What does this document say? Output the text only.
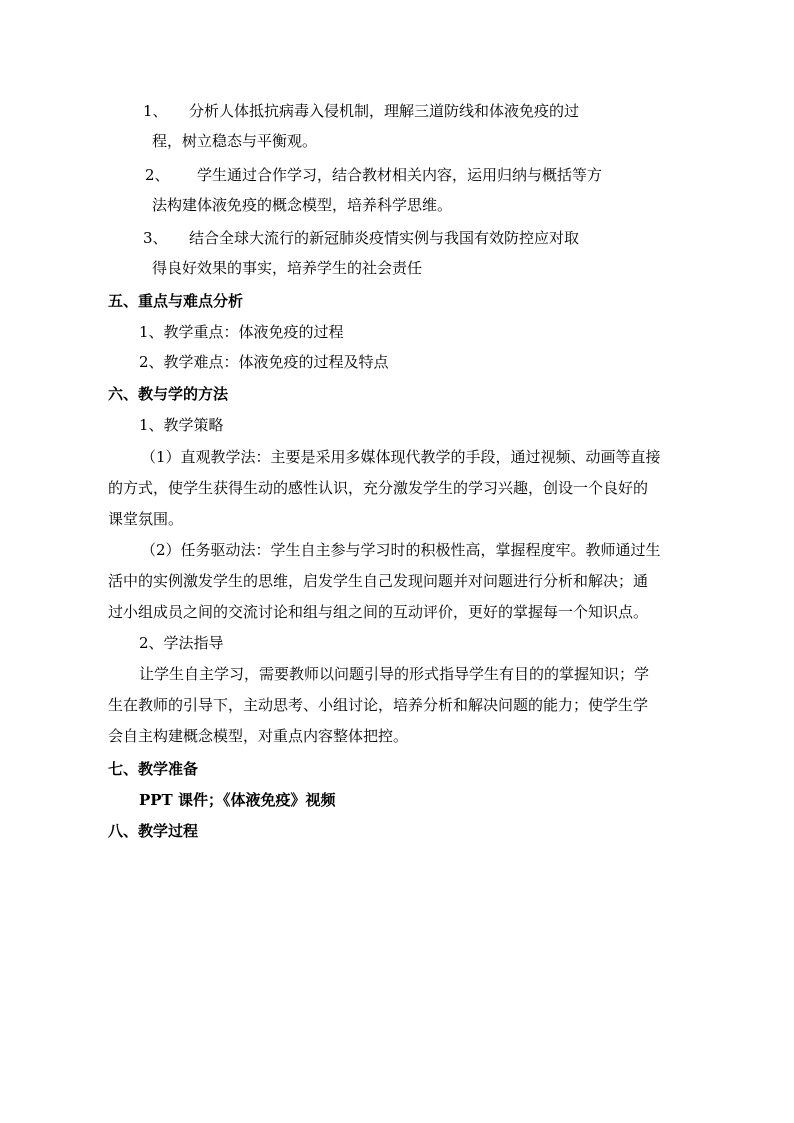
1、 分析人体抵抗病毒入侵机制，理解三道防线和体液免疫的过
程，树立稳态与平衡观。
2、 学生通过合作学习，结合教材相关内容，运用归纳与概括等方
法构建体液免疫的概念模型，培养科学思维。
3、 结合全球大流行的新冠肺炎疫情实例与我国有效防控应对取
得良好效果的事实，培养学生的社会责任
五、重点与难点分析
1、教学重点：体液免疫的过程
2、教学难点：体液免疫的过程及特点
六、教与学的方法
1、教学策略
（1）直观教学法：主要是采用多媒体现代教学的手段，通过视频、动画等直接
的方式，使学生获得生动的感性认识，充分激发学生的学习兴趣，创设一个良好的
课堂氛围。
（2）任务驱动法：学生自主参与学习时的积极性高，掌握程度牢。教师通过生
活中的实例激发学生的思维，启发学生自己发现问题并对问题进行分析和解决；通
过小组成员之间的交流讨论和组与组之间的互动评价，更好的掌握每一个知识点。
2、学法指导
让学生自主学习，需要教师以问题引导的形式指导学生有目的的掌握知识；学
生在教师的引导下，主动思考、小组讨论，培养分析和解决问题的能力；使学生学
会自主构建概念模型，对重点内容整体把控。
七、教学准备
PPT 课件；《体液免疫》视频
八、教学过程
